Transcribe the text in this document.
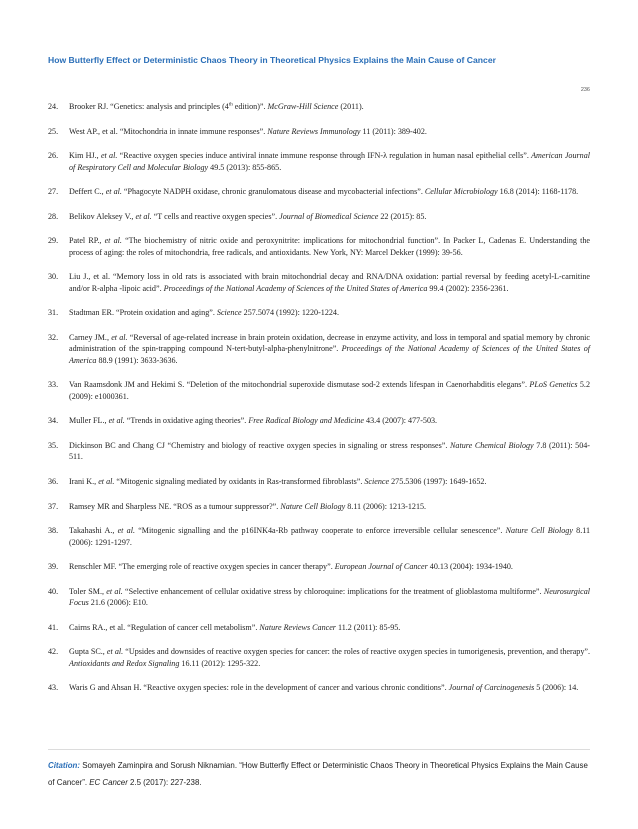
How Butterfly Effect or Deterministic Chaos Theory in Theoretical Physics Explains the Main Cause of Cancer
236
24. Brooker RJ. “Genetics: analysis and principles (4th edition)”. McGraw-Hill Science (2011).
25. West AP., et al. “Mitochondria in innate immune responses”. Nature Reviews Immunology 11 (2011): 389-402.
26. Kim HJ., et al. “Reactive oxygen species induce antiviral innate immune response through IFN-λ regulation in human nasal epithelial cells”. American Journal of Respiratory Cell and Molecular Biology 49.5 (2013): 855-865.
27. Deffert C., et al. “Phagocyte NADPH oxidase, chronic granulomatous disease and mycobacterial infections”. Cellular Microbiology 16.8 (2014): 1168-1178.
28. Belikov Aleksey V., et al. “T cells and reactive oxygen species”. Journal of Biomedical Science 22 (2015): 85.
29. Patel RP., et al. “The biochemistry of nitric oxide and peroxynitrite: implications for mitochondrial function”. In Packer L, Cadenas E. Understanding the process of aging: the roles of mitochondria, free radicals, and antioxidants. New York, NY: Marcel Dekker (1999): 39-56.
30. Liu J., et al. “Memory loss in old rats is associated with brain mitochondrial decay and RNA/DNA oxidation: partial reversal by feeding acetyl-L-carnitine and/or R-alpha -lipoic acid”. Proceedings of the National Academy of Sciences of the United States of America 99.4 (2002): 2356-2361.
31. Stadtman ER. “Protein oxidation and aging”. Science 257.5074 (1992): 1220-1224.
32. Carney JM., et al. “Reversal of age-related increase in brain protein oxidation, decrease in enzyme activity, and loss in temporal and spatial memory by chronic administration of the spin-trapping compound N-tert-butyl-alpha-phenylnitrone”. Proceedings of the National Academy of Sciences of the United States of America 88.9 (1991): 3633-3636.
33. Van Raamsdonk JM and Hekimi S. “Deletion of the mitochondrial superoxide dismutase sod-2 extends lifespan in Caenorhabditis elegans”. PLoS Genetics 5.2 (2009): e1000361.
34. Muller FL., et al. “Trends in oxidative aging theories”. Free Radical Biology and Medicine 43.4 (2007): 477-503.
35. Dickinson BC and Chang CJ “Chemistry and biology of reactive oxygen species in signaling or stress responses”. Nature Chemical Biology 7.8 (2011): 504-511.
36. Irani K., et al. “Mitogenic signaling mediated by oxidants in Ras-transformed fibroblasts”. Science 275.5306 (1997): 1649-1652.
37. Ramsey MR and Sharpless NE. “ROS as a tumour suppressor?”. Nature Cell Biology 8.11 (2006): 1213-1215.
38. Takahashi A., et al. “Mitogenic signalling and the p16INK4a-Rb pathway cooperate to enforce irreversible cellular senescence”. Nature Cell Biology 8.11 (2006): 1291-1297.
39. Renschler MF. “The emerging role of reactive oxygen species in cancer therapy”. European Journal of Cancer 40.13 (2004): 1934-1940.
40. Toler SM., et al. “Selective enhancement of cellular oxidative stress by chloroquine: implications for the treatment of glioblastoma multiforme”. Neurosurgical Focus 21.6 (2006): E10.
41. Cairns RA., et al. “Regulation of cancer cell metabolism”. Nature Reviews Cancer 11.2 (2011): 85-95.
42. Gupta SC., et al. “Upsides and downsides of reactive oxygen species for cancer: the roles of reactive oxygen species in tumorigenesis, prevention, and therapy”. Antioxidants and Redox Signaling 16.11 (2012): 1295-322.
43. Waris G and Ahsan H. “Reactive oxygen species: role in the development of cancer and various chronic conditions”. Journal of Carcinogenesis 5 (2006): 14.
Citation: Somayeh Zaminpira and Sorush Niknamian. “How Butterfly Effect or Deterministic Chaos Theory in Theoretical Physics Explains the Main Cause of Cancer”. EC Cancer 2.5 (2017): 227-238.
